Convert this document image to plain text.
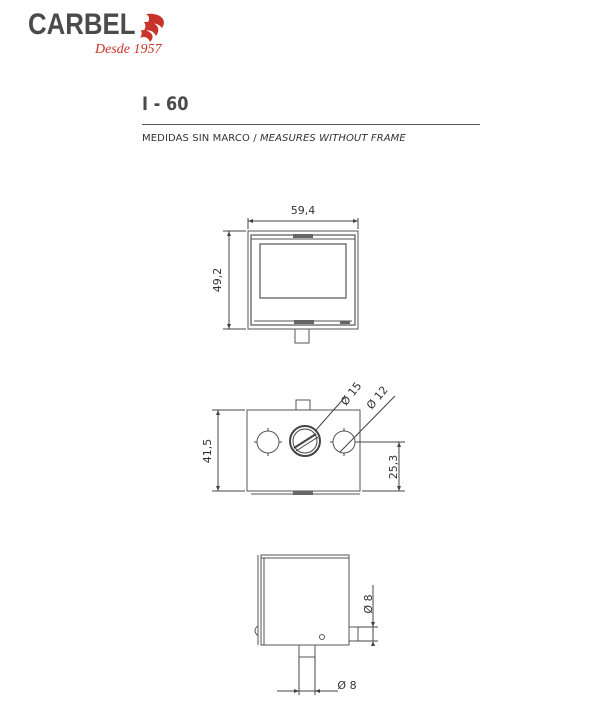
CARBEL
Desde 1957
I - 60
MEDIDAS SIN MARCO / MEASURES WITHOUT FRAME
59,4
49,2
41,5
25,3
Ø 15 Ø 12
Ø 8
Ø 8
